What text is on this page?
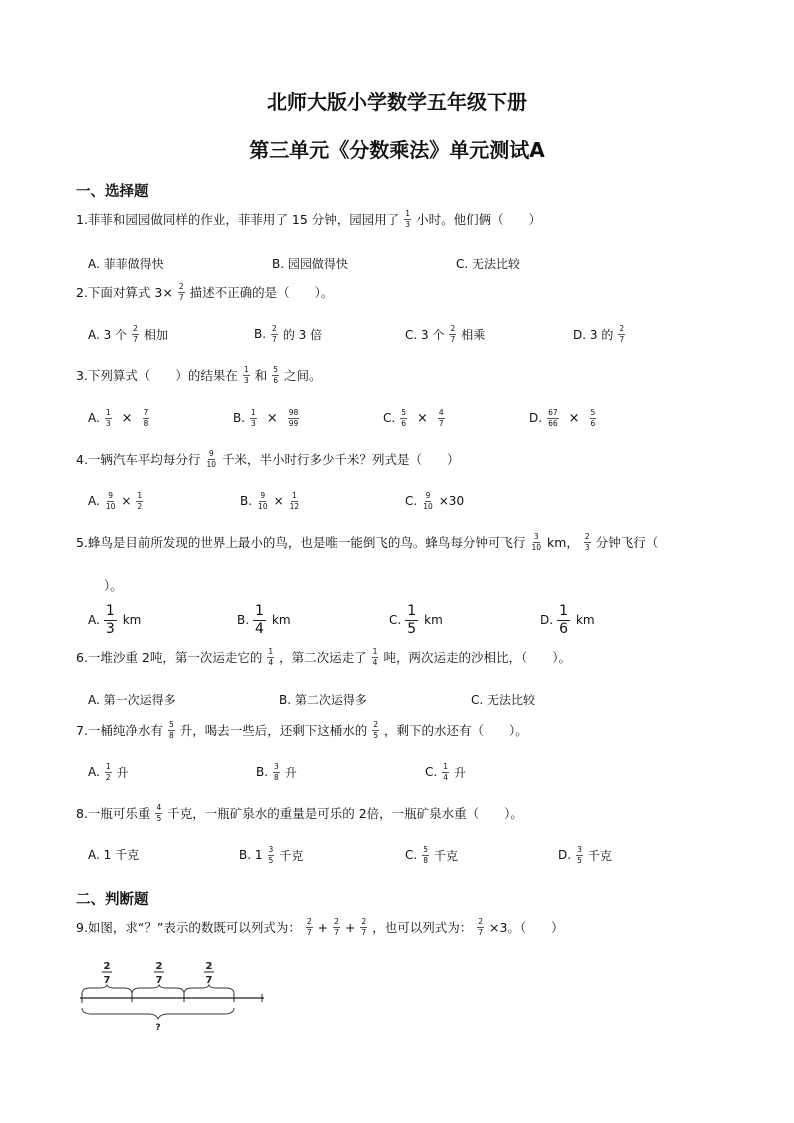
北师大版小学数学五年级下册
第三单元《分数乘法》单元测试A
一、选择题
1.菲菲和园园做同样的作业，菲菲用了 15 分钟，园园用了 $\frac{1}{3}$ 小时。他们俩（　　）
A. 菲菲做得快	B. 园园做得快	C. 无法比较
2.下面对算式 $3\times \frac{2}{7}$ 描述不正确的是（　　）。
A. 3 个 $\frac{2}{7}$ 相加	B. $\frac{2}{7}$ 的 3 倍	C. 3 个 $\frac{2}{7}$ 相乘	D. 3 的 $\frac{2}{7}$
3.下列算式（　　）的结果在 $\frac{1}{3}$ 和 $\frac{5}{6}$ 之间。
A. $\frac{1}{3} \times \frac{7}{8}$	B. $\frac{1}{3} \times \frac{98}{99}$	C. $\frac{5}{6} \times \frac{4}{7}$	D. $\frac{67}{66} \times \frac{5}{6}$
4.一辆汽车平均每分行 $\frac{9}{10}$ 千米，半小时行多少千米？列式是（　　）
A. $\frac{9}{10} \times \frac{1}{2}$	B. $\frac{9}{10} \times \frac{1}{12}$	C. $\frac{9}{10} \times 30$
5.蜂鸟是目前所发现的世界上最小的鸟，也是唯一能倒飞的鸟。蜂鸟每分钟可飞行 $\frac{3}{10}$ km， $\frac{2}{3}$ 分钟飞行（
）。
A.
1
3
km	B.
1
4
km	C.
1
5
km	D.
1
6
km
6.一堆沙重 2吨，第一次运走它的 $\frac{1}{4}$ ，第二次运走了 $\frac{1}{4}$ 吨，两次运走的沙相比，（　　）。
A. 第一次运得多	B. 第二次运得多	C. 无法比较
7.一桶纯净水有 $\frac{5}{8}$ 升，喝去一些后，还剩下这桶水的 $\frac{2}{5}$ ，剩下的水还有（　　）。
A. $\frac{1}{2}$ 升	B. $\frac{3}{8}$ 升	C. $\frac{1}{4}$ 升
8.一瓶可乐重 $\frac{4}{5}$ 千克，一瓶矿泉水的重量是可乐的 2倍，一瓶矿泉水重（　　）。
A. 1 千克	B. $1 \frac{3}{5}$ 千克	C. $\frac{5}{8}$ 千克	D. $\frac{3}{5}$ 千克
二、判断题
9.如图，求“？”表示的数既可以列式为： $\frac{2}{7} + \frac{2}{7} + \frac{2}{7}$ ，也可以列式为： $\frac{2}{7} \times 3$。（　　）
2
7
2
7
2
7
?
